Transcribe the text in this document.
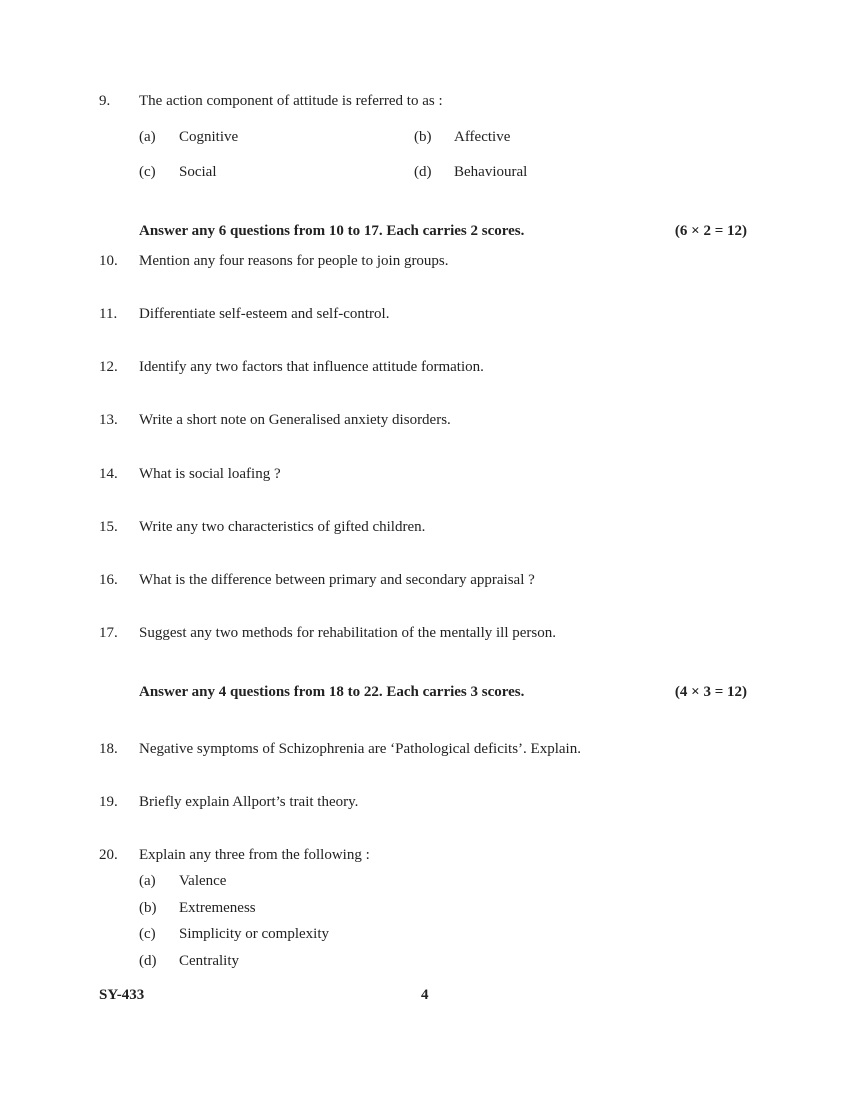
9. The action component of attitude is referred to as :
(a) Cognitive	(b) Affective
(c) Social	(d) Behavioural
Answer any 6 questions from 10 to 17. Each carries 2 scores.	(6 × 2 = 12)
10. Mention any four reasons for people to join groups.
11. Differentiate self-esteem and self-control.
12. Identify any two factors that influence attitude formation.
13. Write a short note on Generalised anxiety disorders.
14. What is social loafing ?
15. Write any two characteristics of gifted children.
16. What is the difference between primary and secondary appraisal ?
17. Suggest any two methods for rehabilitation of the mentally ill person.
Answer any 4 questions from 18 to 22. Each carries 3 scores.	(4 × 3 = 12)
18. Negative symptoms of Schizophrenia are ‘Pathological deficits’. Explain.
19. Briefly explain Allport’s trait theory.
20. Explain any three from the following :
(a) Valence
(b) Extremeness
(c) Simplicity or complexity
(d) Centrality
SY-433	4
